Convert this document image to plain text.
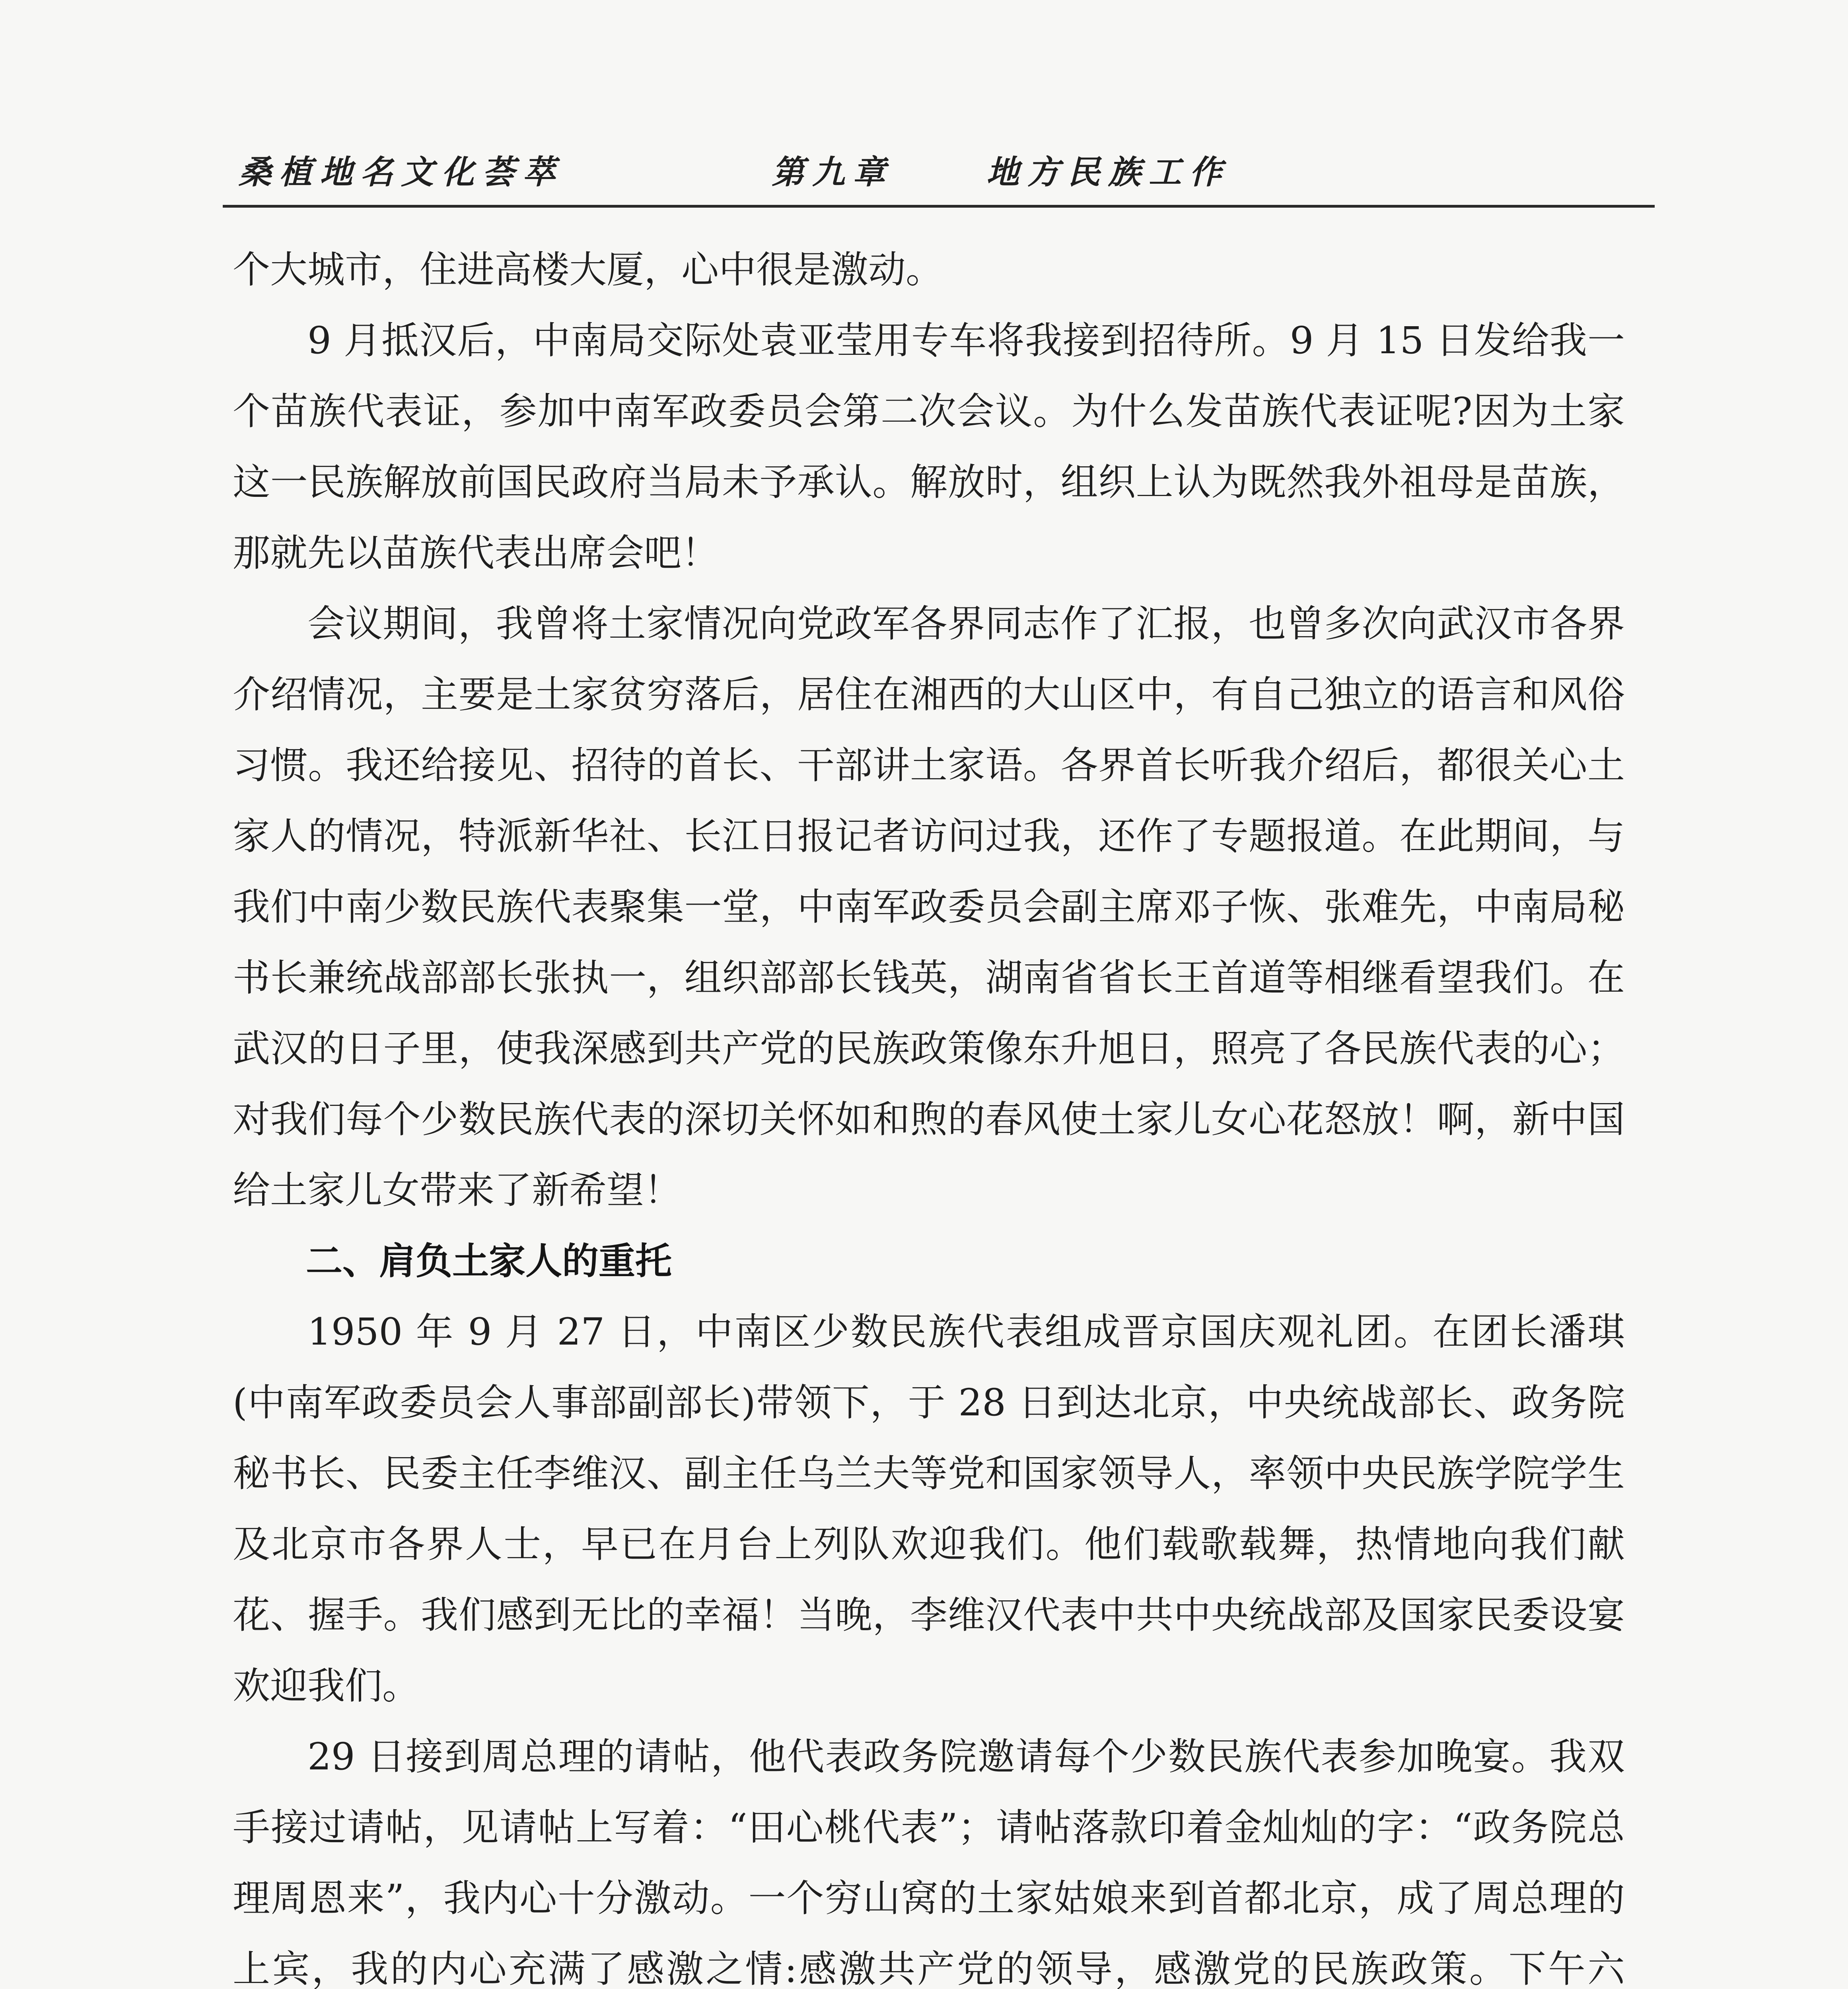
桑植地名文化荟萃	第九章	地方民族工作

个大城市，住进高楼大厦，心中很是激动。

9 月抵汉后，中南局交际处袁亚莹用专车将我接到招待所。9 月 15 日发给我一个苗族代表证，参加中南军政委员会第二次会议。为什么发苗族代表证呢?因为土家这一民族解放前国民政府当局未予承认。解放时，组织上认为既然我外祖母是苗族，那就先以苗族代表出席会吧！

会议期间，我曾将土家情况向党政军各界同志作了汇报，也曾多次向武汉市各界介绍情况，主要是土家贫穷落后，居住在湘西的大山区中，有自己独立的语言和风俗习惯。我还给接见、招待的首长、干部讲土家语。各界首长听我介绍后，都很关心土家人的情况，特派新华社、长江日报记者访问过我，还作了专题报道。在此期间，与我们中南少数民族代表聚集一堂，中南军政委员会副主席邓子恢、张难先，中南局秘书长兼统战部部长张执一，组织部部长钱英，湖南省省长王首道等相继看望我们。在武汉的日子里，使我深感到共产党的民族政策像东升旭日，照亮了各民族代表的心；对我们每个少数民族代表的深切关怀如和煦的春风使土家儿女心花怒放！啊，新中国给土家儿女带来了新希望！

二、肩负土家人的重托

1950 年 9 月 27 日，中南区少数民族代表组成晋京国庆观礼团。在团长潘琪(中南军政委员会人事部副部长)带领下，于 28 日到达北京，中央统战部长、政务院秘书长、民委主任李维汉、副主任乌兰夫等党和国家领导人，率领中央民族学院学生及北京市各界人士，早已在月台上列队欢迎我们。他们载歌载舞，热情地向我们献花、握手。我们感到无比的幸福！当晚，李维汉代表中共中央统战部及国家民委设宴欢迎我们。

29 日接到周总理的请帖，他代表政务院邀请每个少数民族代表参加晚宴。我双手接过请帖，见请帖上写着：“田心桃代表”；请帖落款印着金灿灿的字：“政务院总理周恩来”，我内心十分激动。一个穷山窝的土家姑娘来到首都北京，成了周总理的上宾，我的内心充满了感激之情:感激共产党的领导，感激党的民族政策。下午六
